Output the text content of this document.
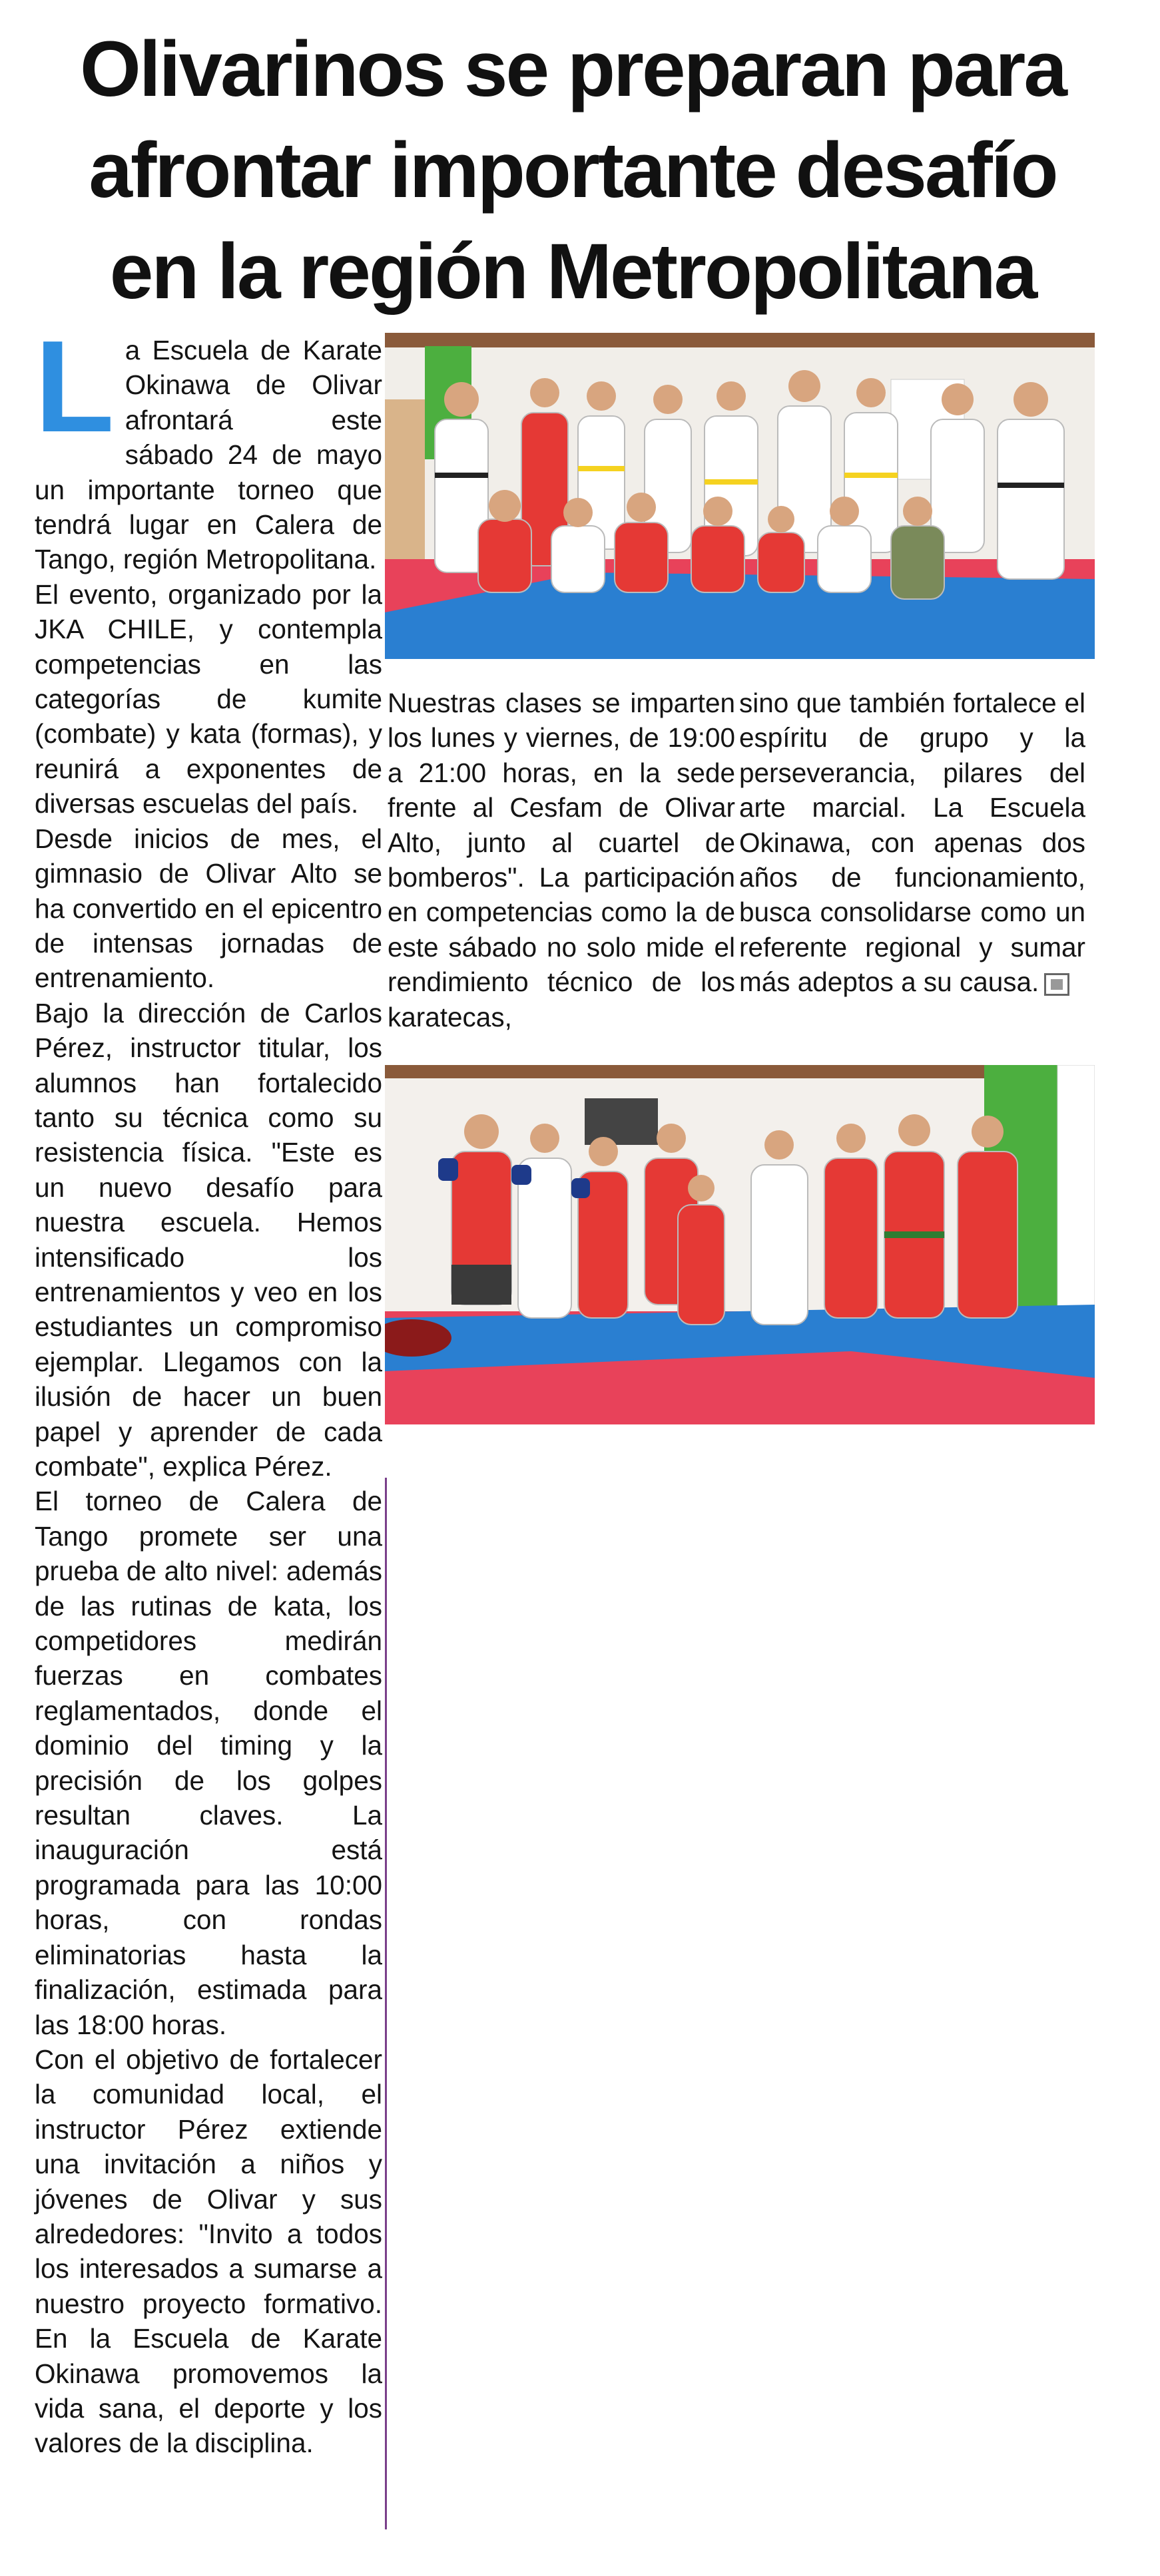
Olivarinos se preparan para
afrontar importante desafío
en la región Metropolitana

La Escuela de Karate Okinawa de Olivar afrontará este sábado 24 de mayo un importante torneo que tendrá lugar en Calera de Tango, región Metropolitana.

El evento, organizado por la JKA CHILE, y contempla competencias en las categorías de kumite (combate) y kata (formas), y reunirá a exponentes de diversas escuelas del país.

Desde inicios de mes, el gimnasio de Olivar Alto se ha convertido en el epicentro de intensas jornadas de entrenamiento.

Bajo la dirección de Carlos Pérez, instructor titular, los alumnos han fortalecido tanto su técnica como su resistencia física. "Este es un nuevo desafío para nuestra escuela. Hemos intensificado los entrenamientos y veo en los estudiantes un compromiso ejemplar. Llegamos con la ilusión de hacer un buen papel y aprender de cada combate", explica Pérez.

El torneo de Calera de Tango promete ser una prueba de alto nivel: además de las rutinas de kata, los competidores medirán fuerzas en combates reglamentados, donde el dominio del timing y la precisión de los golpes resultan claves. La inauguración está programada para las 10:00 horas, con rondas eliminatorias hasta la finalización, estimada para las 18:00 horas.

Con el objetivo de fortalecer la comunidad local, el instructor Pérez extiende una invitación a niños y jóvenes de Olivar y sus alrededores: "Invito a todos los interesados a sumarse a nuestro proyecto formativo. En la Escuela de Karate Okinawa promovemos la vida sana, el deporte y los valores de la disciplina.

Nuestras clases se imparten los lunes y viernes, de 19:00 a 21:00 horas, en la sede frente al Cesfam de Olivar Alto, junto al cuartel de bomberos". La participación en competencias como la de este sábado no solo mide el rendimiento técnico de los karatecas,

sino que también fortalece el espíritu de grupo y la perseverancia, pilares del arte marcial. La Escuela Okinawa, con apenas dos años de funcionamiento, busca consolidarse como un referente regional y sumar más adeptos a su causa.
